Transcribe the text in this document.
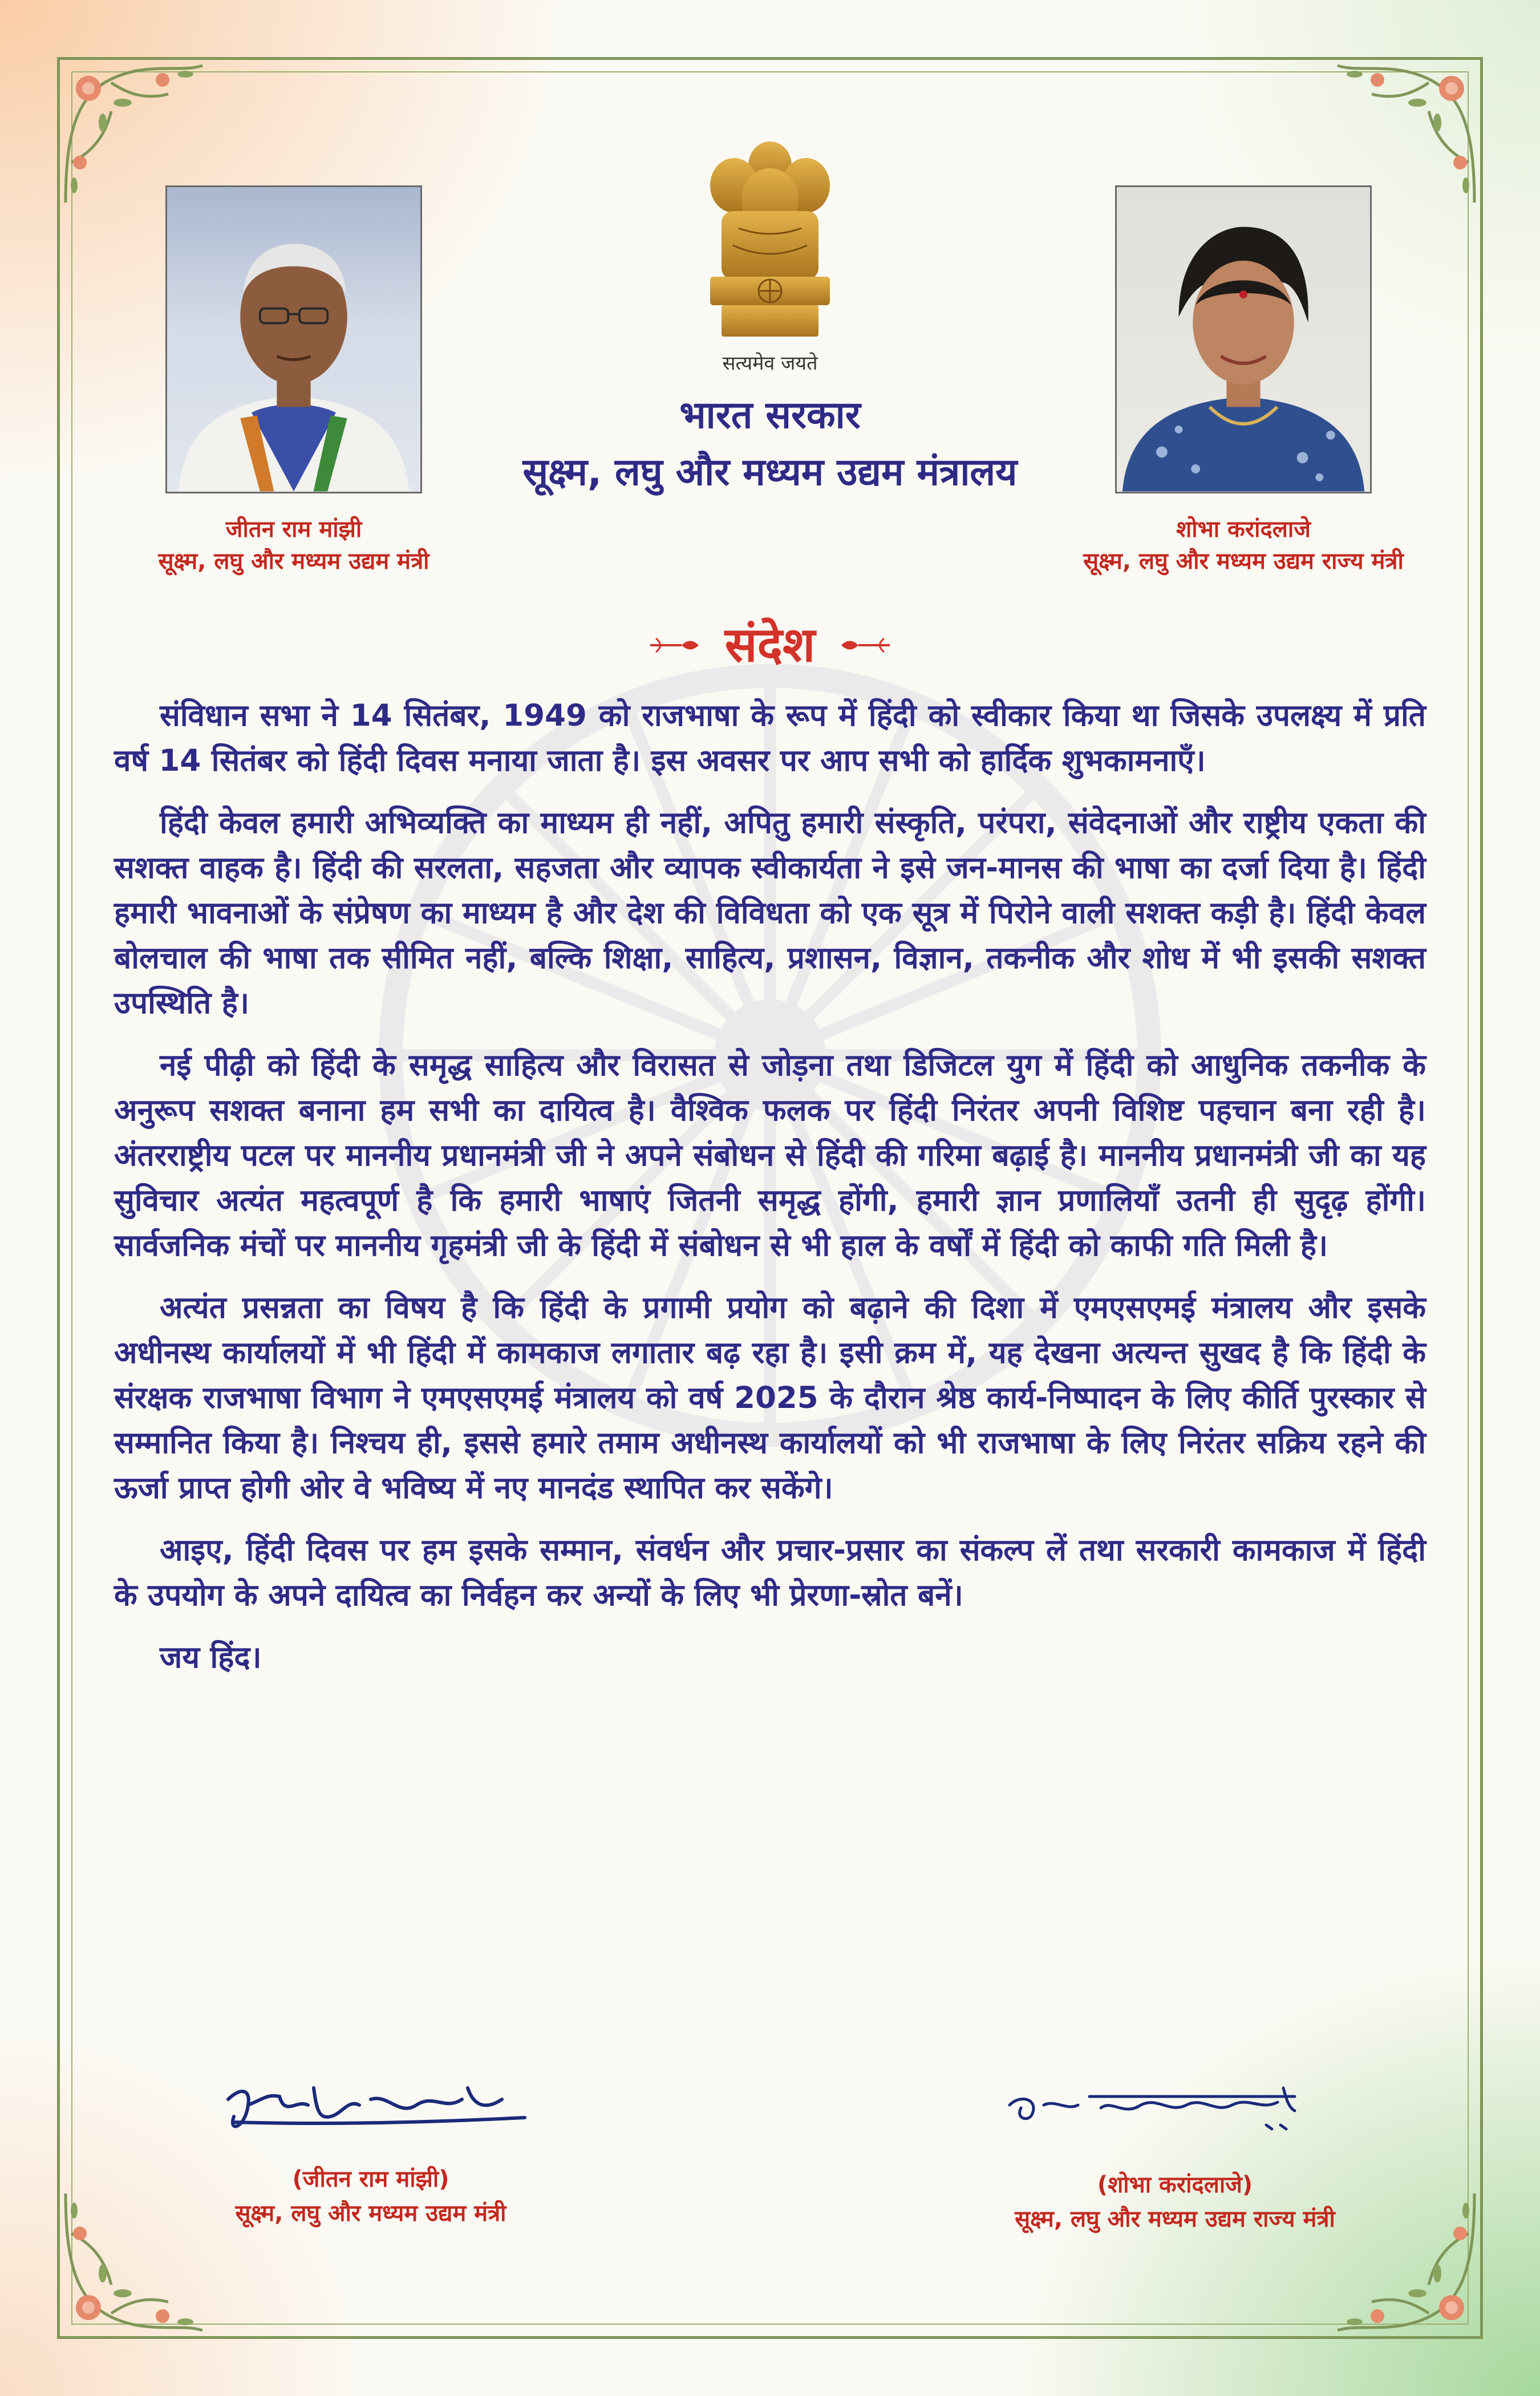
सत्यमेव जयते
भारत सरकार
सूक्ष्म, लघु और मध्यम उद्यम मंत्रालय
जीतन राम मांझी
सूक्ष्म, लघु और मध्यम उद्यम मंत्री
शोभा करांदलाजे
सूक्ष्म, लघु और मध्यम उद्यम राज्य मंत्री
संदेश

संविधान सभा ने 14 सितंबर, 1949 को राजभाषा के रूप में हिंदी को स्वीकार किया था जिसके उपलक्ष्य में प्रति वर्ष 14 सितंबर को हिंदी दिवस मनाया जाता है। इस अवसर पर आप सभी को हार्दिक शुभकामनाएँ।

हिंदी केवल हमारी अभिव्यक्ति का माध्यम ही नहीं, अपितु हमारी संस्कृति, परंपरा, संवेदनाओं और राष्ट्रीय एकता की सशक्त वाहक है। हिंदी की सरलता, सहजता और व्यापक स्वीकार्यता ने इसे जन-मानस की भाषा का दर्जा दिया है। हिंदी हमारी भावनाओं के संप्रेषण का माध्यम है और देश की विविधता को एक सूत्र में पिरोने वाली सशक्त कड़ी है। हिंदी केवल बोलचाल की भाषा तक सीमित नहीं, बल्कि शिक्षा, साहित्य, प्रशासन, विज्ञान, तकनीक और शोध में भी इसकी सशक्त उपस्थिति है।

नई पीढ़ी को हिंदी के समृद्ध साहित्य और विरासत से जोड़ना तथा डिजिटल युग में हिंदी को आधुनिक तकनीक के अनुरूप सशक्त बनाना हम सभी का दायित्व है। वैश्विक फलक पर हिंदी निरंतर अपनी विशिष्ट पहचान बना रही है। अंतरराष्ट्रीय पटल पर माननीय प्रधानमंत्री जी ने अपने संबोधन से हिंदी की गरिमा बढ़ाई है। माननीय प्रधानमंत्री जी का यह सुविचार अत्यंत महत्वपूर्ण है कि हमारी भाषाएं जितनी समृद्ध होंगी, हमारी ज्ञान प्रणालियाँ उतनी ही सुदृढ़ होंगी। सार्वजनिक मंचों पर माननीय गृहमंत्री जी के हिंदी में संबोधन से भी हाल के वर्षों में हिंदी को काफी गति मिली है।

अत्यंत प्रसन्नता का विषय है कि हिंदी के प्रगामी प्रयोग को बढ़ाने की दिशा में एमएसएमई मंत्रालय और इसके अधीनस्थ कार्यालयों में भी हिंदी में कामकाज लगातार बढ़ रहा है। इसी क्रम में, यह देखना अत्यन्त सुखद है कि हिंदी के संरक्षक राजभाषा विभाग ने एमएसएमई मंत्रालय को वर्ष 2025 के दौरान श्रेष्ठ कार्य-निष्पादन के लिए कीर्ति पुरस्कार से सम्मानित किया है। निश्चय ही, इससे हमारे तमाम अधीनस्थ कार्यालयों को भी राजभाषा के लिए निरंतर सक्रिय रहने की ऊर्जा प्राप्त होगी ओर वे भविष्य में नए मानदंड स्थापित कर सकेंगे।

आइए, हिंदी दिवस पर हम इसके सम्मान, संवर्धन और प्रचार-प्रसार का संकल्प लें तथा सरकारी कामकाज में हिंदी के उपयोग के अपने दायित्व का निर्वहन कर अन्यों के लिए भी प्रेरणा-स्रोत बनें।

जय हिंद।

(जीतन राम मांझी)
सूक्ष्म, लघु और मध्यम उद्यम मंत्री
(शोभा करांदलाजे)
सूक्ष्म, लघु और मध्यम उद्यम राज्य मंत्री
